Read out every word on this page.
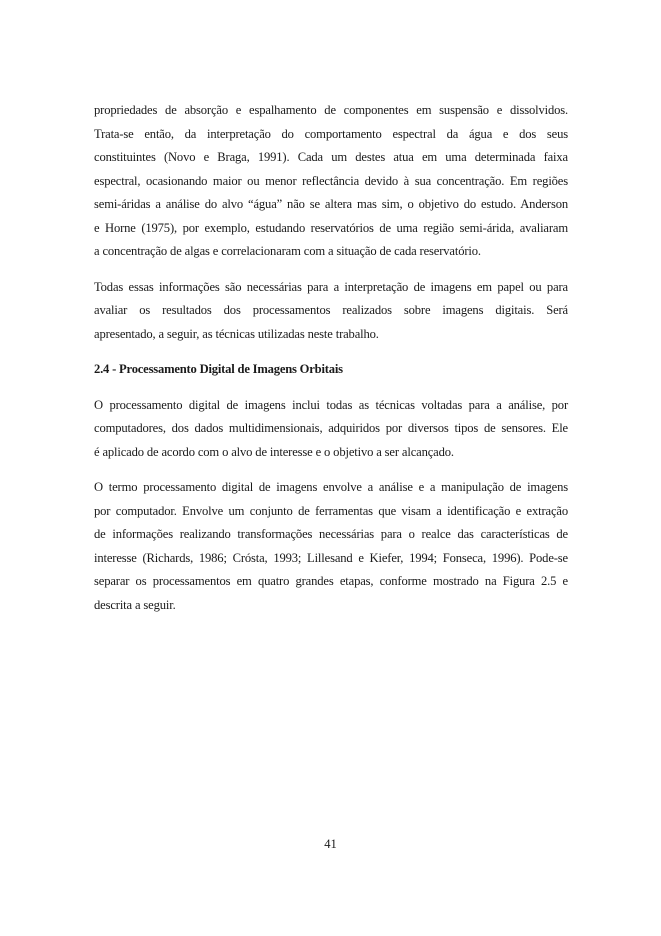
propriedades de absorção e espalhamento de componentes em suspensão e dissolvidos.
Trata-se então, da interpretação do comportamento espectral da água e dos seus
constituintes (Novo e Braga, 1991). Cada um destes atua em uma determinada faixa
espectral, ocasionando maior ou menor reflectância devido à sua concentração. Em regiões
semi-áridas a análise do alvo “água” não se altera mas sim, o objetivo do estudo. Anderson
e Horne (1975), por exemplo, estudando reservatórios de uma região semi-árida, avaliaram
a concentração de algas e correlacionaram com a situação de cada reservatório.

Todas essas informações são necessárias para a interpretação de imagens em papel ou para
avaliar os resultados dos processamentos realizados sobre imagens digitais. Será
apresentado, a seguir, as técnicas utilizadas neste trabalho.

2.4 - Processamento Digital de Imagens Orbitais

O processamento digital de imagens inclui todas as técnicas voltadas para a análise, por
computadores, dos dados multidimensionais, adquiridos por diversos tipos de sensores. Ele
é aplicado de acordo com o alvo de interesse e o objetivo a ser alcançado.

O termo processamento digital de imagens envolve a análise e a manipulação de imagens
por computador. Envolve um conjunto de ferramentas que visam a identificação e extração
de informações realizando transformações necessárias para o realce das características de
interesse (Richards, 1986; Crósta, 1993; Lillesand e Kiefer, 1994; Fonseca, 1996). Pode-se
separar os processamentos em quatro grandes etapas, conforme mostrado na Figura 2.5 e
descrita a seguir.

41
